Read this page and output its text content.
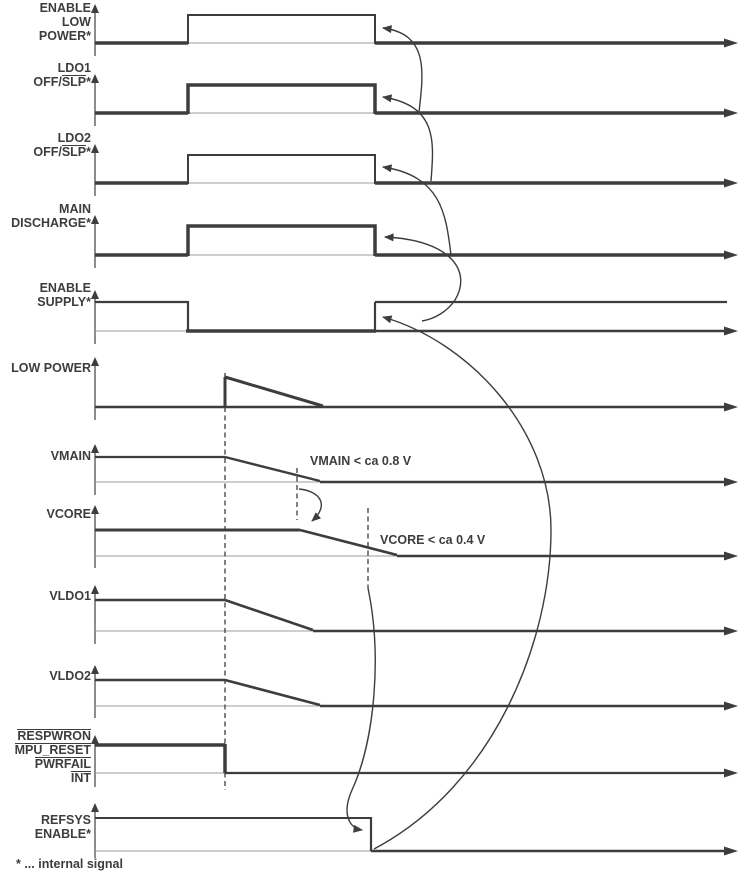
VMAIN < ca 0.8 V
VCORE < ca 0.4 V
* ... internal signal
ENABLE
LOW
POWER*
LDO1
OFF/SLP*
LDO2
OFF/SLP*
MAIN
DISCHARGE*
ENABLE
SUPPLY*
LOW POWER
VMAIN
VCORE
VLDO1
VLDO2
RESPWRON
MPU_RESET
PWRFAIL
INT
REFSYS
ENABLE*
